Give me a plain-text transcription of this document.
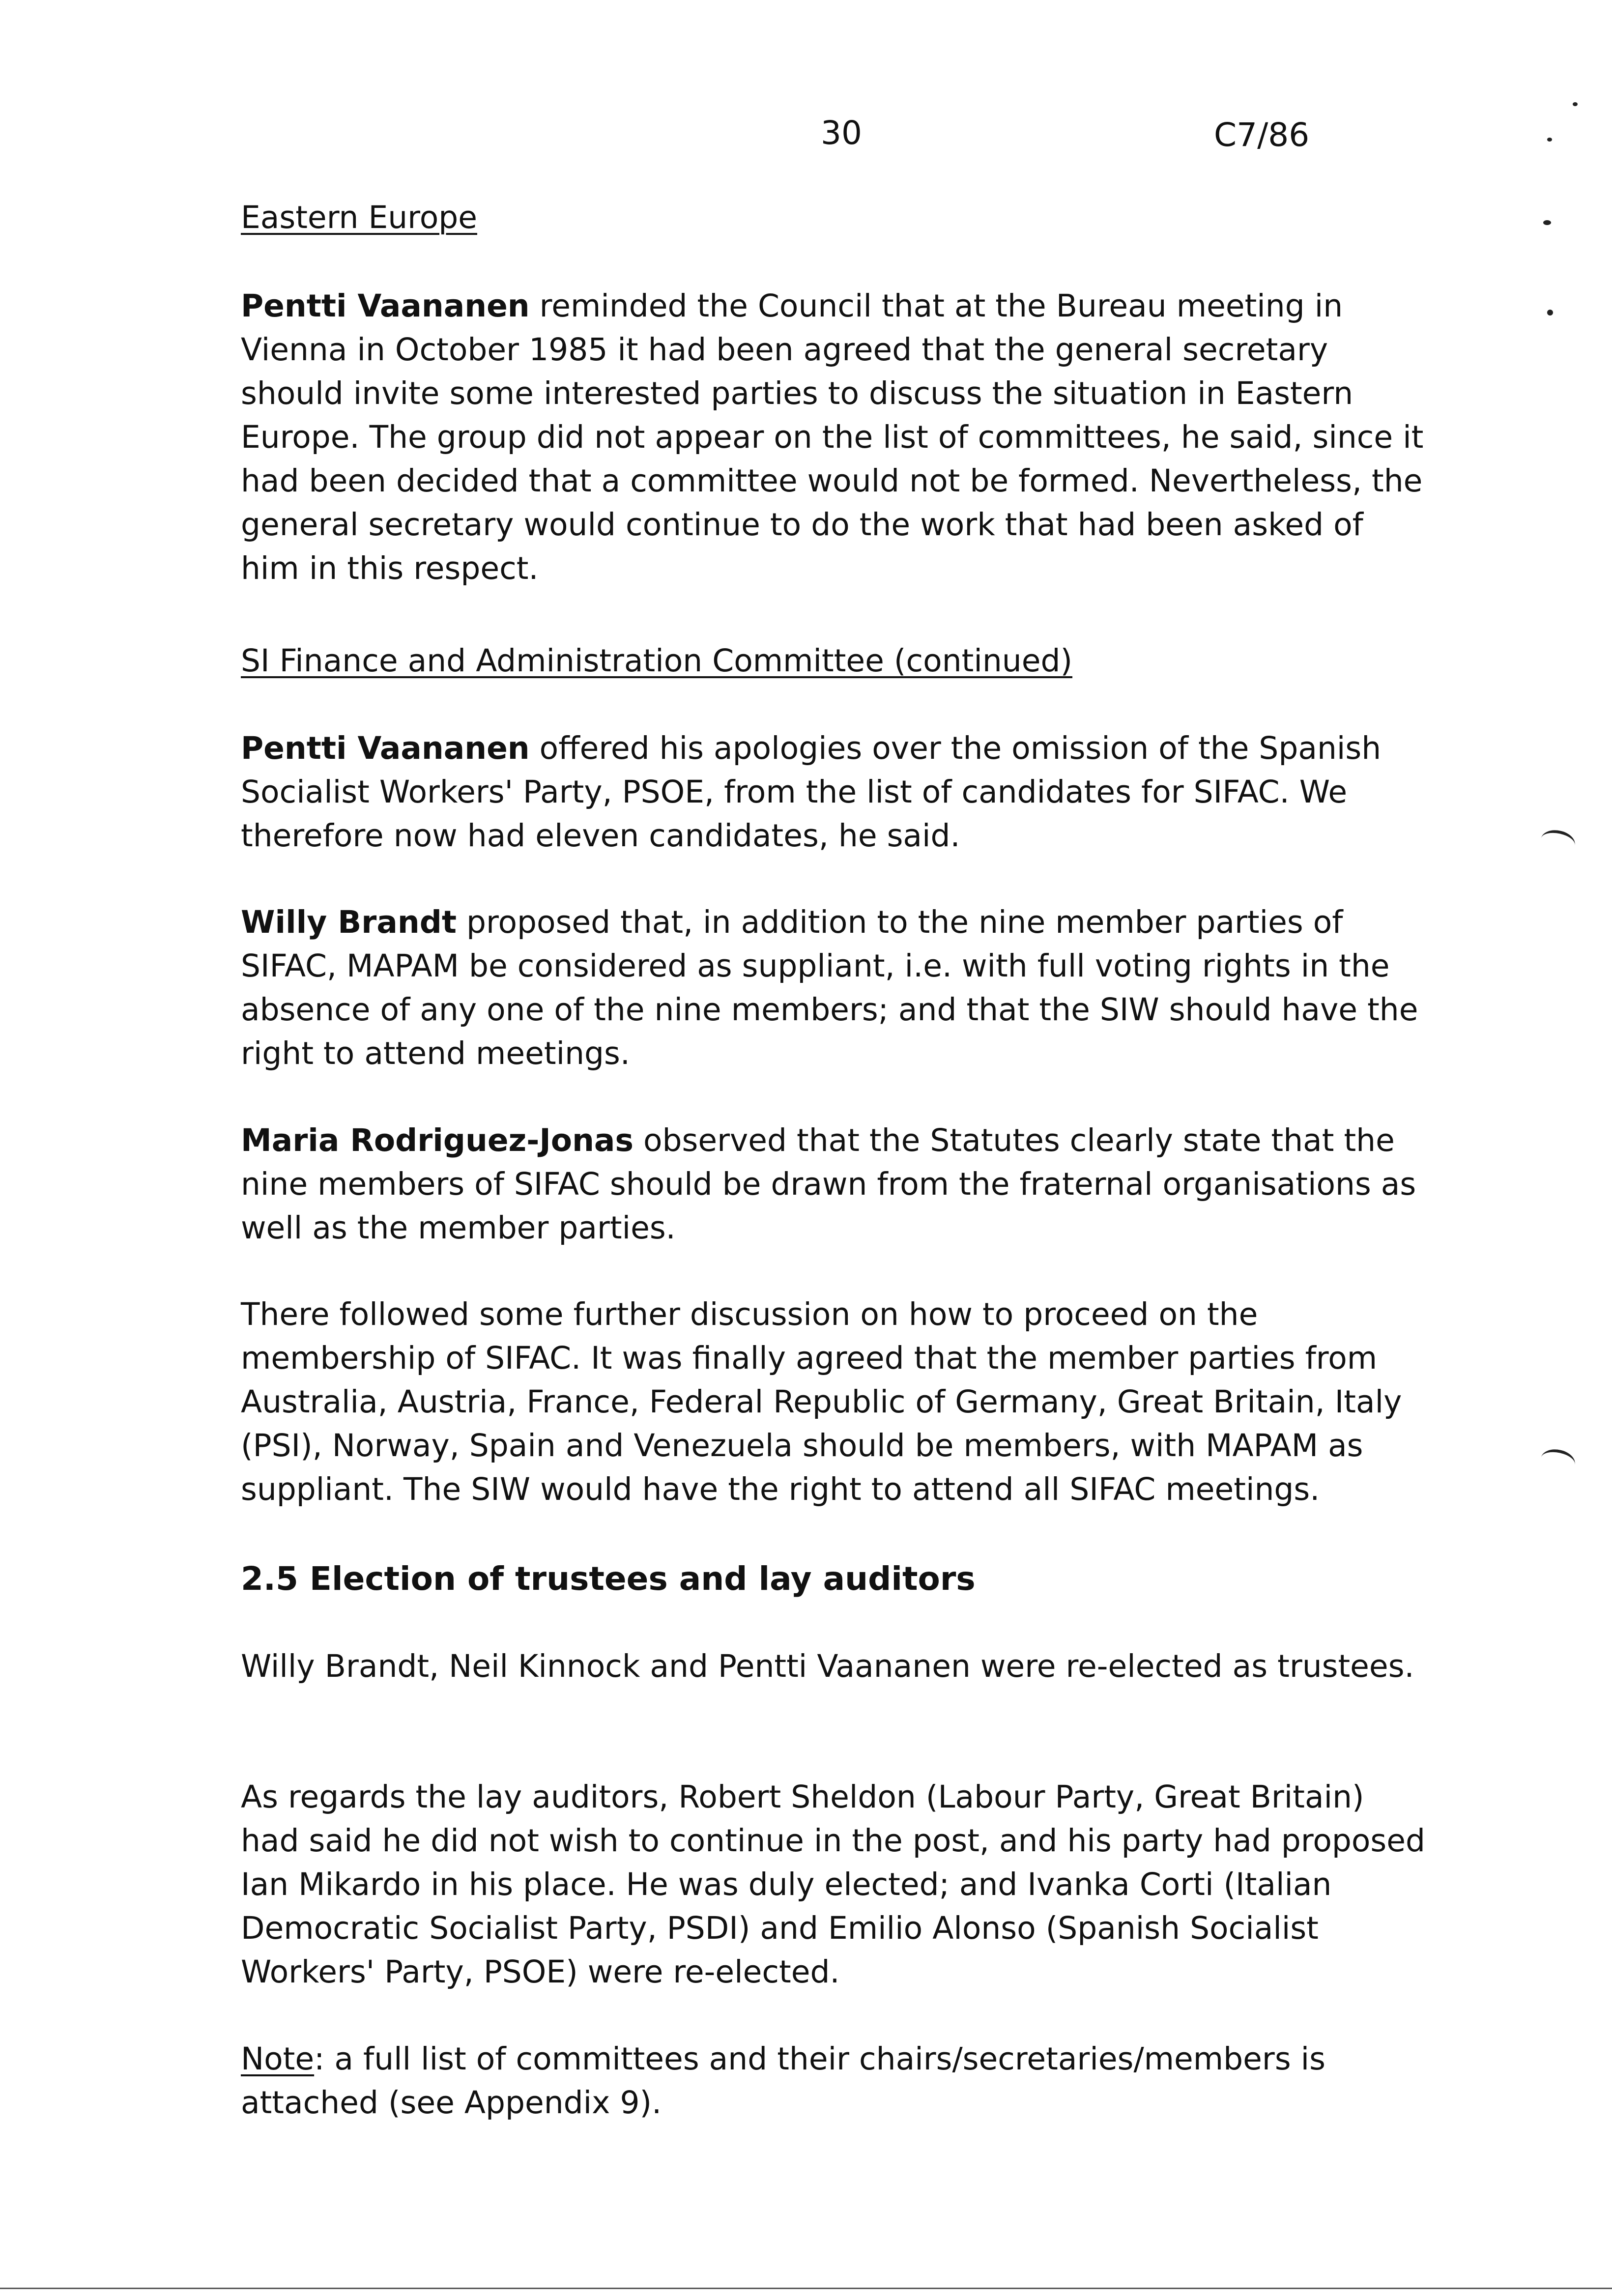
30	C7/86
Eastern Europe

Pentti Vaananen reminded the Council that at the Bureau meeting in Vienna in October 1985 it had been agreed that the general secretary should invite some interested parties to discuss the situation in Eastern Europe. The group did not appear on the list of committees, he said, since it had been decided that a committee would not be formed. Nevertheless, the general secretary would continue to do the work that had been asked of him in this respect.

SI Finance and Administration Committee (continued)

Pentti Vaananen offered his apologies over the omission of the Spanish Socialist Workers' Party, PSOE, from the list of candidates for SIFAC. We therefore now had eleven candidates, he said.

Willy Brandt proposed that, in addition to the nine member parties of SIFAC, MAPAM be considered as suppliant, i.e. with full voting rights in the absence of any one of the nine members; and that the SIW should have the right to attend meetings.

Maria Rodriguez-Jonas observed that the Statutes clearly state that the nine members of SIFAC should be drawn from the fraternal organisations as well as the member parties.

There followed some further discussion on how to proceed on the membership of SIFAC. It was finally agreed that the member parties from Australia, Austria, France, Federal Republic of Germany, Great Britain, Italy (PSI), Norway, Spain and Venezuela should be members, with MAPAM as suppliant. The SIW would have the right to attend all SIFAC meetings.

2.5 Election of trustees and lay auditors

Willy Brandt, Neil Kinnock and Pentti Vaananen were re-elected as trustees.

As regards the lay auditors, Robert Sheldon (Labour Party, Great Britain) had said he did not wish to continue in the post, and his party had proposed Ian Mikardo in his place. He was duly elected; and Ivanka Corti (Italian Democratic Socialist Party, PSDI) and Emilio Alonso (Spanish Socialist Workers' Party, PSOE) were re-elected.

Note: a full list of committees and their chairs/secretaries/members is attached (see Appendix 9).
